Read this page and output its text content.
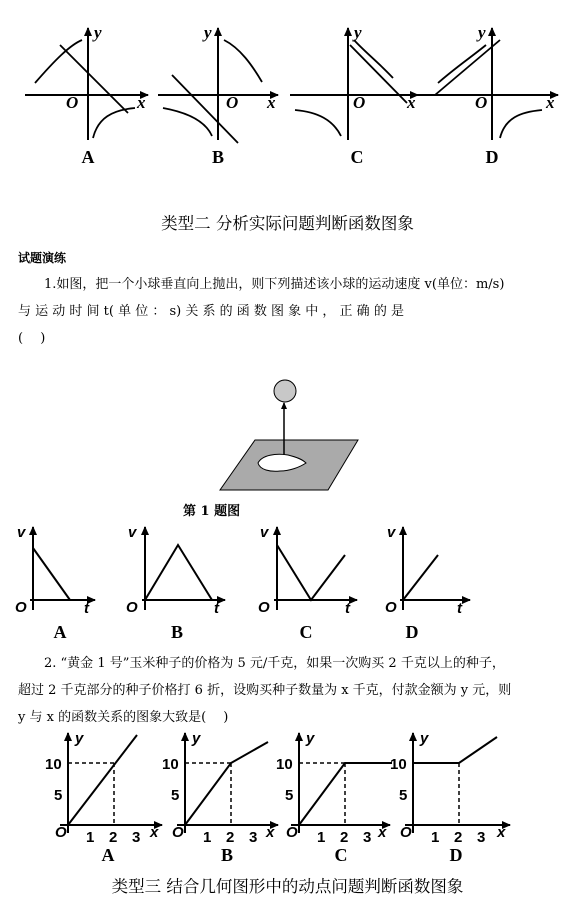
y
x
O
A
y
x
O
B
y
x
O
C
y
x
O
D
类型二 分析实际问题判断函数图象
试题演练
1.如图，把一个小球垂直向上抛出，则下列描述该小球的运动速度 v(单位：m/s)
与 运 动 时 间 t( 单 位 ： s) 关 系 的 函 数 图 象 中 ， 正 确 的 是
(　 )
第 1 题图
v
t
O
A
v
t
O
B
v
t
O
C
v
t
O
D
2. “黄金 1 号”玉米种子的价格为 5 元/千克，如果一次购买 2 千克以上的种子，
超过 2 千克部分的种子价格打 6 折，设购买种子数量为 x 千克，付款金额为 y 元，则
y 与 x 的函数关系的图象大致是(　 )
10
5
1 2 3
y
x
O
A
10
5
1 2 3
y
x
O
B
10
5
1 2 3
y
x
O
C
10
5
1 2 3
y
x
O
D
类型三 结合几何图形中的动点问题判断函数图象
